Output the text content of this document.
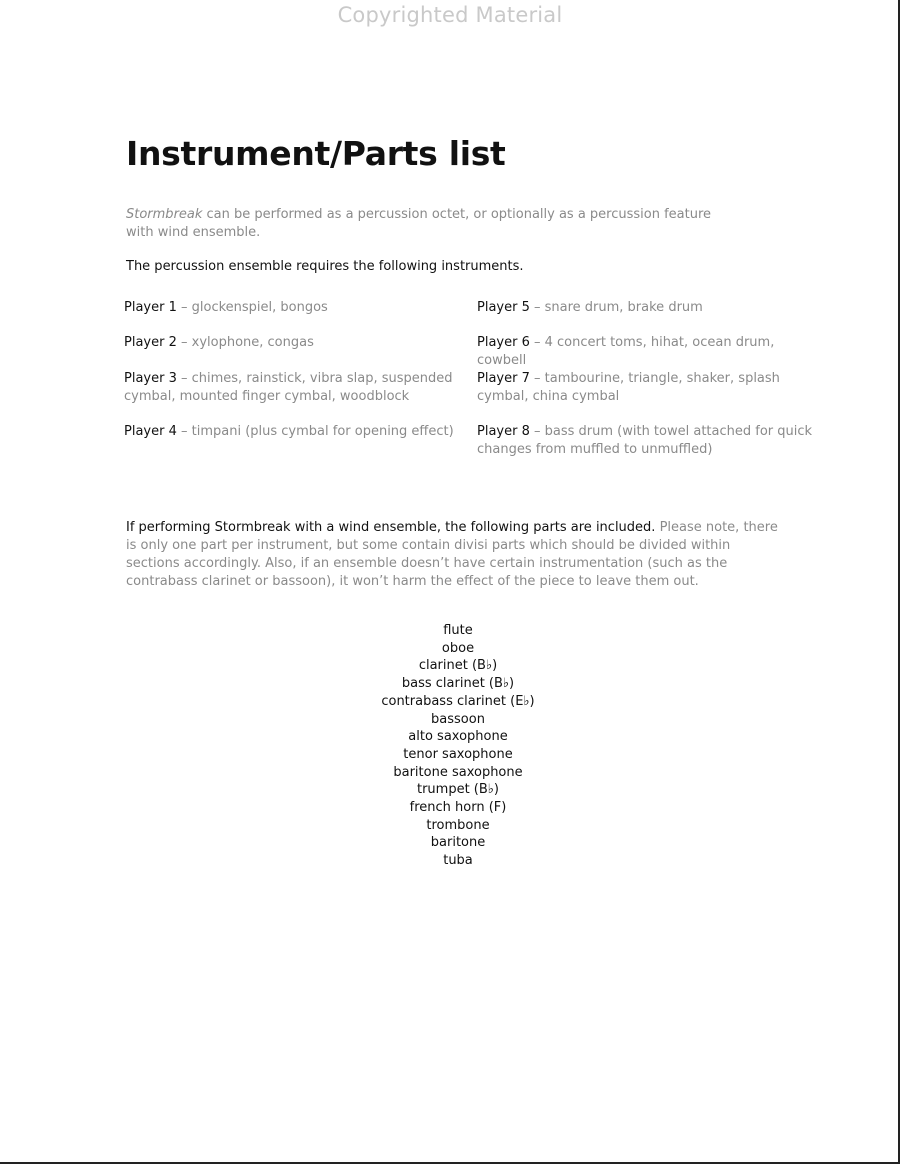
Copyrighted Material
Instrument/Parts list

Stormbreak can be performed as a percussion octet, or optionally as a percussion feature with wind ensemble.

The percussion ensemble requires the following instruments.

Player 1 – glockenspiel, bongos

Player 2 – xylophone, congas

Player 3 – chimes, rainstick, vibra slap, suspended cymbal, mounted finger cymbal, woodblock

Player 4 – timpani (plus cymbal for opening effect)

Player 5 – snare drum, brake drum

Player 6 – 4 concert toms, hihat, ocean drum, cowbell

Player 7 – tambourine, triangle, shaker, splash cymbal, china cymbal

Player 8 – bass drum (with towel attached for quick changes from muffled to unmuffled)

If performing Stormbreak with a wind ensemble, the following parts are included. Please note, there is only one part per instrument, but some contain divisi parts which should be divided within sections accordingly. Also, if an ensemble doesn’t have certain instrumentation (such as the contrabass clarinet or bassoon), it won’t harm the effect of the piece to leave them out.

flute
oboe
clarinet (B♭)
bass clarinet (B♭)
contrabass clarinet (E♭)
bassoon
alto saxophone
tenor saxophone
baritone saxophone
trumpet (B♭)
french horn (F)
trombone
baritone
tuba
